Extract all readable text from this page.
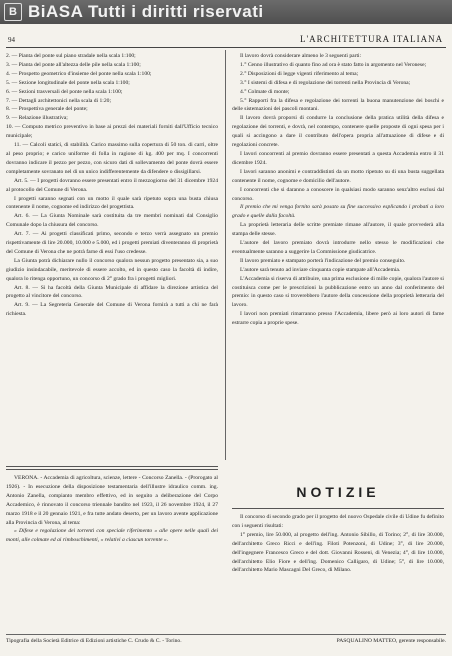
B BiASA Tutti i diritti riservati
94	L'ARCHITETTURA ITALIANA

2. — Pianta del ponte sul piano stradale nella scala 1:100;

3. — Pianta del ponte all'altezza delle pile nella scala 1:100;

4. — Prospetto geometrico d'insieme del ponte nella scala 1:100;

5. — Sezione longitudinale del ponte nella scala 1:100;

6. — Sezioni trasversali del ponte nella scala 1:100;

7. — Dettagli architettonici nella scala di 1:20;

8. — Prospettiva generale del ponte;

9. — Relazione illustrativa;

10. — Computo metrico preventivo in base ai prezzi dei materiali forniti dall'Ufficio tecnico municipale;

11. — Calcoli statici, di stabilità. Carico massimo sulla copertura di 50 ton. di carri, oltre al peso proprio; e carico uniforme di folla in ragione di kg. 400 per mq. I concorrenti dovranno indicare il pezzo per pezzo, con sicuro dati di sollevamento del ponte dovrà essere completamente sovranato nel di un unico indifferentemente da difendere o dissigillarsi.

Art. 5. — I progetti dovranno essere presentati entro il mezzogiorno del 31 dicembre 1924 al protocollo del Comune di Verona.

I progetti saranno segnati con un motto il quale sarà ripetuto sopra una busta chiusa contenente il nome, cognome ed indirizzo del progettista.

Art. 6. — La Giunta Nominale sarà costituita da tre membri nominati dal Consiglio Comunale dopo la chiusura del concorso.

Art. 7. — Ai progetti classificati primo, secondo e terzo verrà assegnato un premio rispettivamente di lire 20.000, 10.000 e 5.000, ed i progetti premiati diventeranno di proprietà del Comune di Verona che ne potrà farne di essi l'uso credesse.

La Giunta potrà dichiarare nullo il concorso qualora nessun progetto presentato sia, a suo giudizio insindacabile, meritevole di essere accolto, ed in questo caso la facoltà di indire, qualora lo ritenga opportuno, un concorso di 2° grado fra i progetti migliori.

Art. 8. — Si ha facoltà della Giunta Municipale di affidare la direzione artistica del progetto al vincitore del concorso.

Art. 9. — La Segreteria Generale del Comune di Verona fornirà a tutti a chi ne farà richiesta.

Il lavoro dovrà considerare almeno le 3 seguenti parti:

1.° Cenno illustrativo di quanto fino ad ora è stato fatto in argomento nel Veronese;

2.° Disposizioni di legge vigenti riferimento al tema;

3.° I sistemi di difesa e di regolazione dei torrenti nella Provincia di Verona;

4.° Colmate di monte;

5.° Rapporti fra la difesa e regolazione dei torrenti la buona manutenzione dei boschi e delle sistemazioni dei pascoli montani.

Il lavoro dovrà proporsi di condurre la conclusione della pratica utilità della difesa e regolazione dei torrenti, e dovrà, nel contempo, contenere quelle proposte di ogni spesa per i quali si accingono a dare il contributo dell'opera propria all'attuazione di difese e di regolazioni concrete.

I lavori concorrenti al premio dovranno essere presentati a questa Accademia entro il 31 dicembre 1924.

I lavori saranno anonimi e contraddistinti da un motto ripetuto su di una busta suggellata contenente il nome, cognome e domicilio dell'autore.

I concorrenti che si daranno a conoscere in qualsiasi modo saranno senz'altro esclusi dal concorso.

Il premio che mi venga fornito sarà posato su fine successivo esplicando i probati a loro grado e quelle dalla facoltà.

La proprietà letteraria delle scritte premiate rimane all'autore, il quale provvederà alla stampa delle stesse.

L'autore del lavoro premiato dovrà introdurre nello stesso le modificazioni che eventualmente saranno a suggerire la Commissione giudicatrice.

Il lavoro premiato e stampato porterà l'indicazione del premio conseguito.

L'autore sarà tenuto ad inviare cinquanta copie stampate all'Accademia.

L'Accademia si riserva di attribuire, una prima esclusione di mille copie, qualora l'autore si costituisca come per le prescrizioni la pubblicazione entro un anno dal conferimento del premio: in questo caso si troverebbero l'autore della concessione della proprietà letteraria del lavoro.

I lavori non premiati rimarranno presso l'Accademia, libere però ai loro autori di farne estrarre copia a proprie spese.

VERONA. - Accademia di agricoltura, scienze, lettere - Concorso Zanella. - (Prorogato al 1926). - In esecuzione della disposizione testamentaria dell'illustre idraulico comm. ing. Antonio Zanella, compianto membro effettivo, ed in seguito a deliberazione del Corpo Accademico, è rinnovato il concorso triennale bandito nel 1923, il 26 novembre 1924, il 27 marzo 1918 e il 20 gennaio 1921, e fra tutte andato deserto, per un lavoro avente applicazione alla Provincia di Verona, al tema:

« Difese e regolazione dei torrenti con speciale riferimento » alle opere nelle quali dei monti, alle colmate ed ai rimboschimenti, « relativi a ciascun torrente ».

NOTIZIE

Il concorso di secondo grado per il progetto del nuovo Ospedale civile di Udine fu definito con i seguenti risultati:

1° premio, lire 50.000, al progetto dell'ing. Antonio Sibillo, di Torino; 2°, di lire 30.000, dell'architetto Greco Ricci e dell'ing. Filoti Potenzoni, di Udine; 3°, di lire 20.000, dell'ingegnere Francesco Greco e del dott. Giovanni Rosseni, di Venezia; 4°, di lire 10.000, dell'architetto Elio Fiore e dell'ing. Domenico Calligaro, di Udine; 5°, di lire 10.000, dell'architetto Mario Mascagni Del Greco, di Milano.

Tipografia della Società Editrice di Edizioni artistiche C. Crudo & C. - Torino.	PASQUALINO MATTEO, gerente responsabile.
